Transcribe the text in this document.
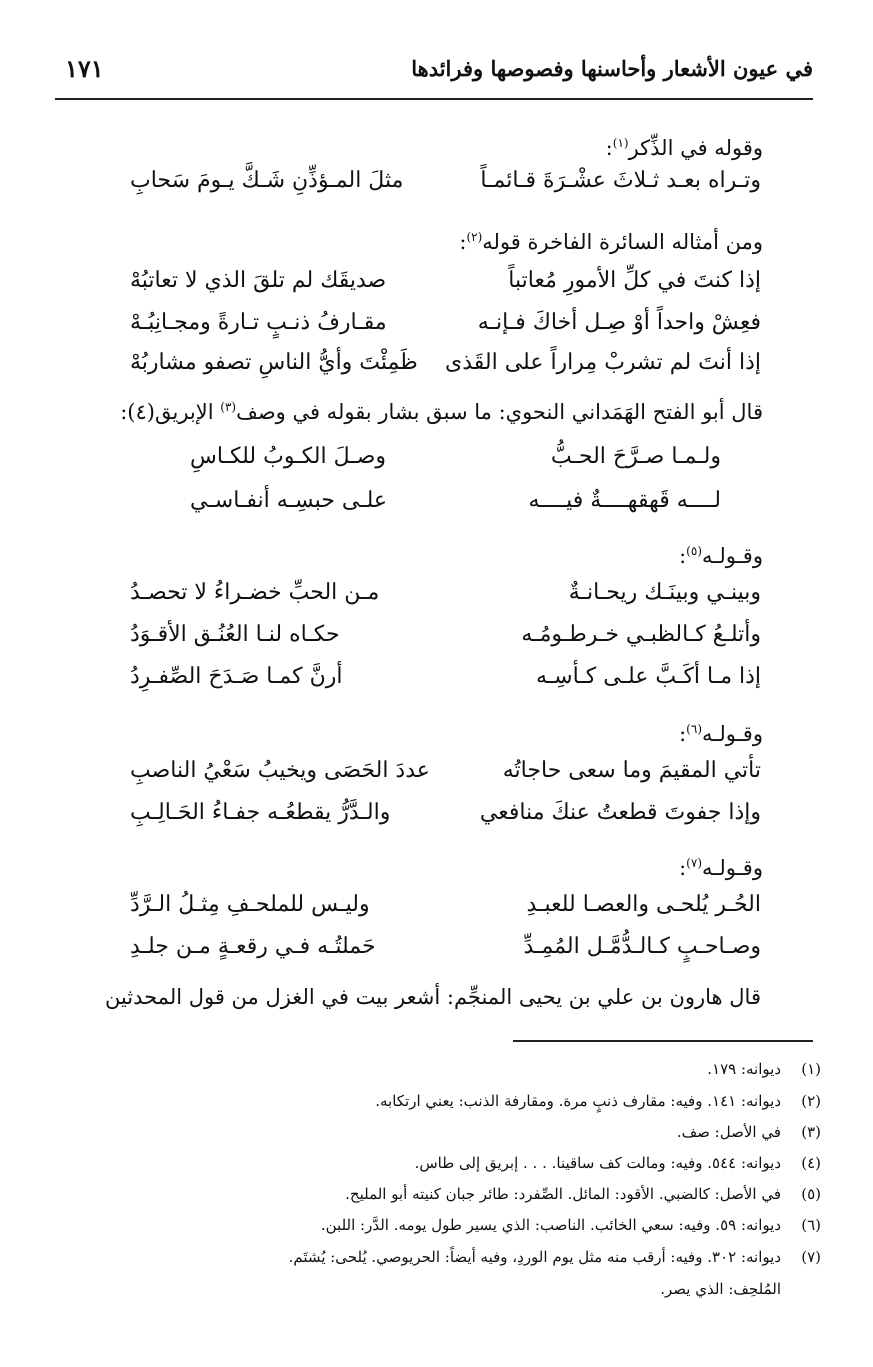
في عيون الأشعار وأحاسنها وفصوصها وفرائدها
١٧١
وقوله في الذِّكر$^{(١)}$:
وتـراه بعـد ثـلاثَ عشْـرَةَ قـائمـاً
مثلَ المـؤذِّنِ شَـكَّ يـومَ سَحابِ
ومن أمثاله السائرة الفاخرة قوله$^{(٢)}$:
إذا كنتَ في كلِّ الأمورِ مُعاتباً
صديقَك لم تلقَ الذي لا تعاتبُهْ
فعِشْ واحداً أوْ صِـل أخاكَ فـإنـه
مقـارفُ ذنـبٍ تـارةً ومجـانِبُـهْ
إذا أنتَ لم تشربْ مِراراً على القَذى
ظَمِئْتَ وأيُّ الناسِ تصفو مشاربُهْ
قال أبو الفتح الهَمَداني النحوي: ما سبق بشار بقوله في وصف$^{(٣)}$ الإبريق(٤):
ولـمـا صـرَّحَ الحـبُّ
وصـلَ الكـوبُ للكـاسِ
لــــه قَهقهــــةٌ فيــــه
علـى حبسِـه أنفـاسـي
وقـولـه$^{(٥)}$:
وبينـي وبينَـك ريحـانـةٌ
مـن الحبِّ خضـراءُ لا تحصـدُ
وأتلـعُ كـالظبـي خـرطـومُـه
حكـاه لنـا العُنُـق الأقـوَدُ
إذا مـا أكَـبَّ علـى كـأسِـه
أرنَّ كمـا صَـدَحَ الصِّفـرِدُ
وقـولـه$^{(٦)}$:
تأتي المقيمَ وما سعى حاجاتُه
عددَ الحَصَى ويخيبُ سَعْيُ الناصبِ
وإذا جفوتَ قطعتُ عنكَ منافعي
والـدَّرُّ يقطعُـه جفـاءُ الحَـالِـبِ
وقـولـه$^{(٧)}$:
الحُـر يُلحـى والعصـا للعبـدِ
وليـس للملحـفِ مِثـلُ الـرَّدِّ
وصـاحـبٍ كـالـدُّمَّـل المُمِـدِّ
حَملتُـه فـي رقعـةٍ مـن جلـدِ
قال هارون بن علي بن يحيى المنجِّم: أشعر بيت في الغزل من قول المحدثين
(١)ديوانه: ١٧٩.
(٢)ديوانه: ١٤١. وفيه: مقارف ذنبٍ مرة. ومقارفة الذنب: يعني ارتكابه.
(٣)في الأصل: صف.
(٤)ديوانه: ٥٤٤. وفيه: ومالت كف ساقينا. . . . إبريق إلى طاس.
(٥)في الأصل: كالضبي. الأقود: المائل. الصِّفرد: طائر جبان كنيته أبو المليح.
(٦)ديوانه: ٥٩. وفيه: سعي الخائب. الناصب: الذي يسير طول يومه. الدَّر: اللبن.
(٧)ديوانه: ٣٠٢. وفيه: أرقب منه مثل يوم الوردِ، وفيه أيضاً: الحريوصي. يُلحى: يُشتَم.
المُلحِف: الذي يصر.
